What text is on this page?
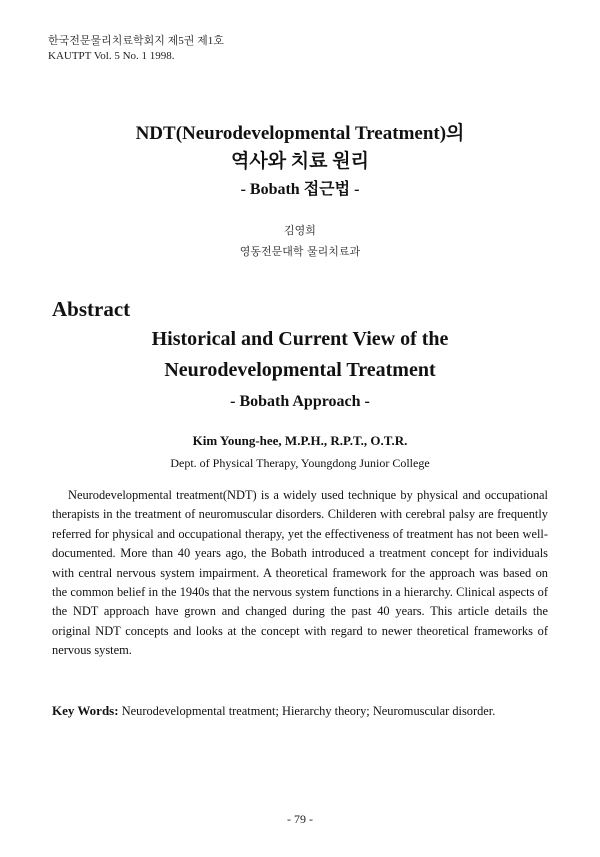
한국전문물리치료학회지 제5권 제1호
KAUTPT Vol. 5 No. 1 1998.
NDT(Neurodevelopmental Treatment)의
역사와 치료 원리
- Bobath 접근법 -
김영희
영동전문대학 물리치료과
Abstract
Historical and Current View of the
Neurodevelopmental Treatment
- Bobath Approach -
Kim Young-hee, M.P.H., R.P.T., O.T.R.
Dept. of Physical Therapy, Youngdong Junior College
Neurodevelopmental treatment(NDT) is a widely used technique by physical and occupational therapists in the treatment of neuromuscular disorders. Childeren with cerebral palsy are frequently referred for physical and occupational therapy, yet the effectiveness of treatment has not been well-documented. More than 40 years ago, the Bobath introduced a treatment concept for individuals with central nervous system impairment. A theoretical framework for the approach was based on the common belief in the 1940s that the nervous system functions in a hierarchy. Clinical aspects of the NDT approach have grown and changed during the past 40 years. This article details the original NDT concepts and looks at the concept with regard to newer theoretical frameworks of nervous system.
Key Words: Neurodevelopmental treatment; Hierarchy theory; Neuromuscular disorder.
- 79 -
